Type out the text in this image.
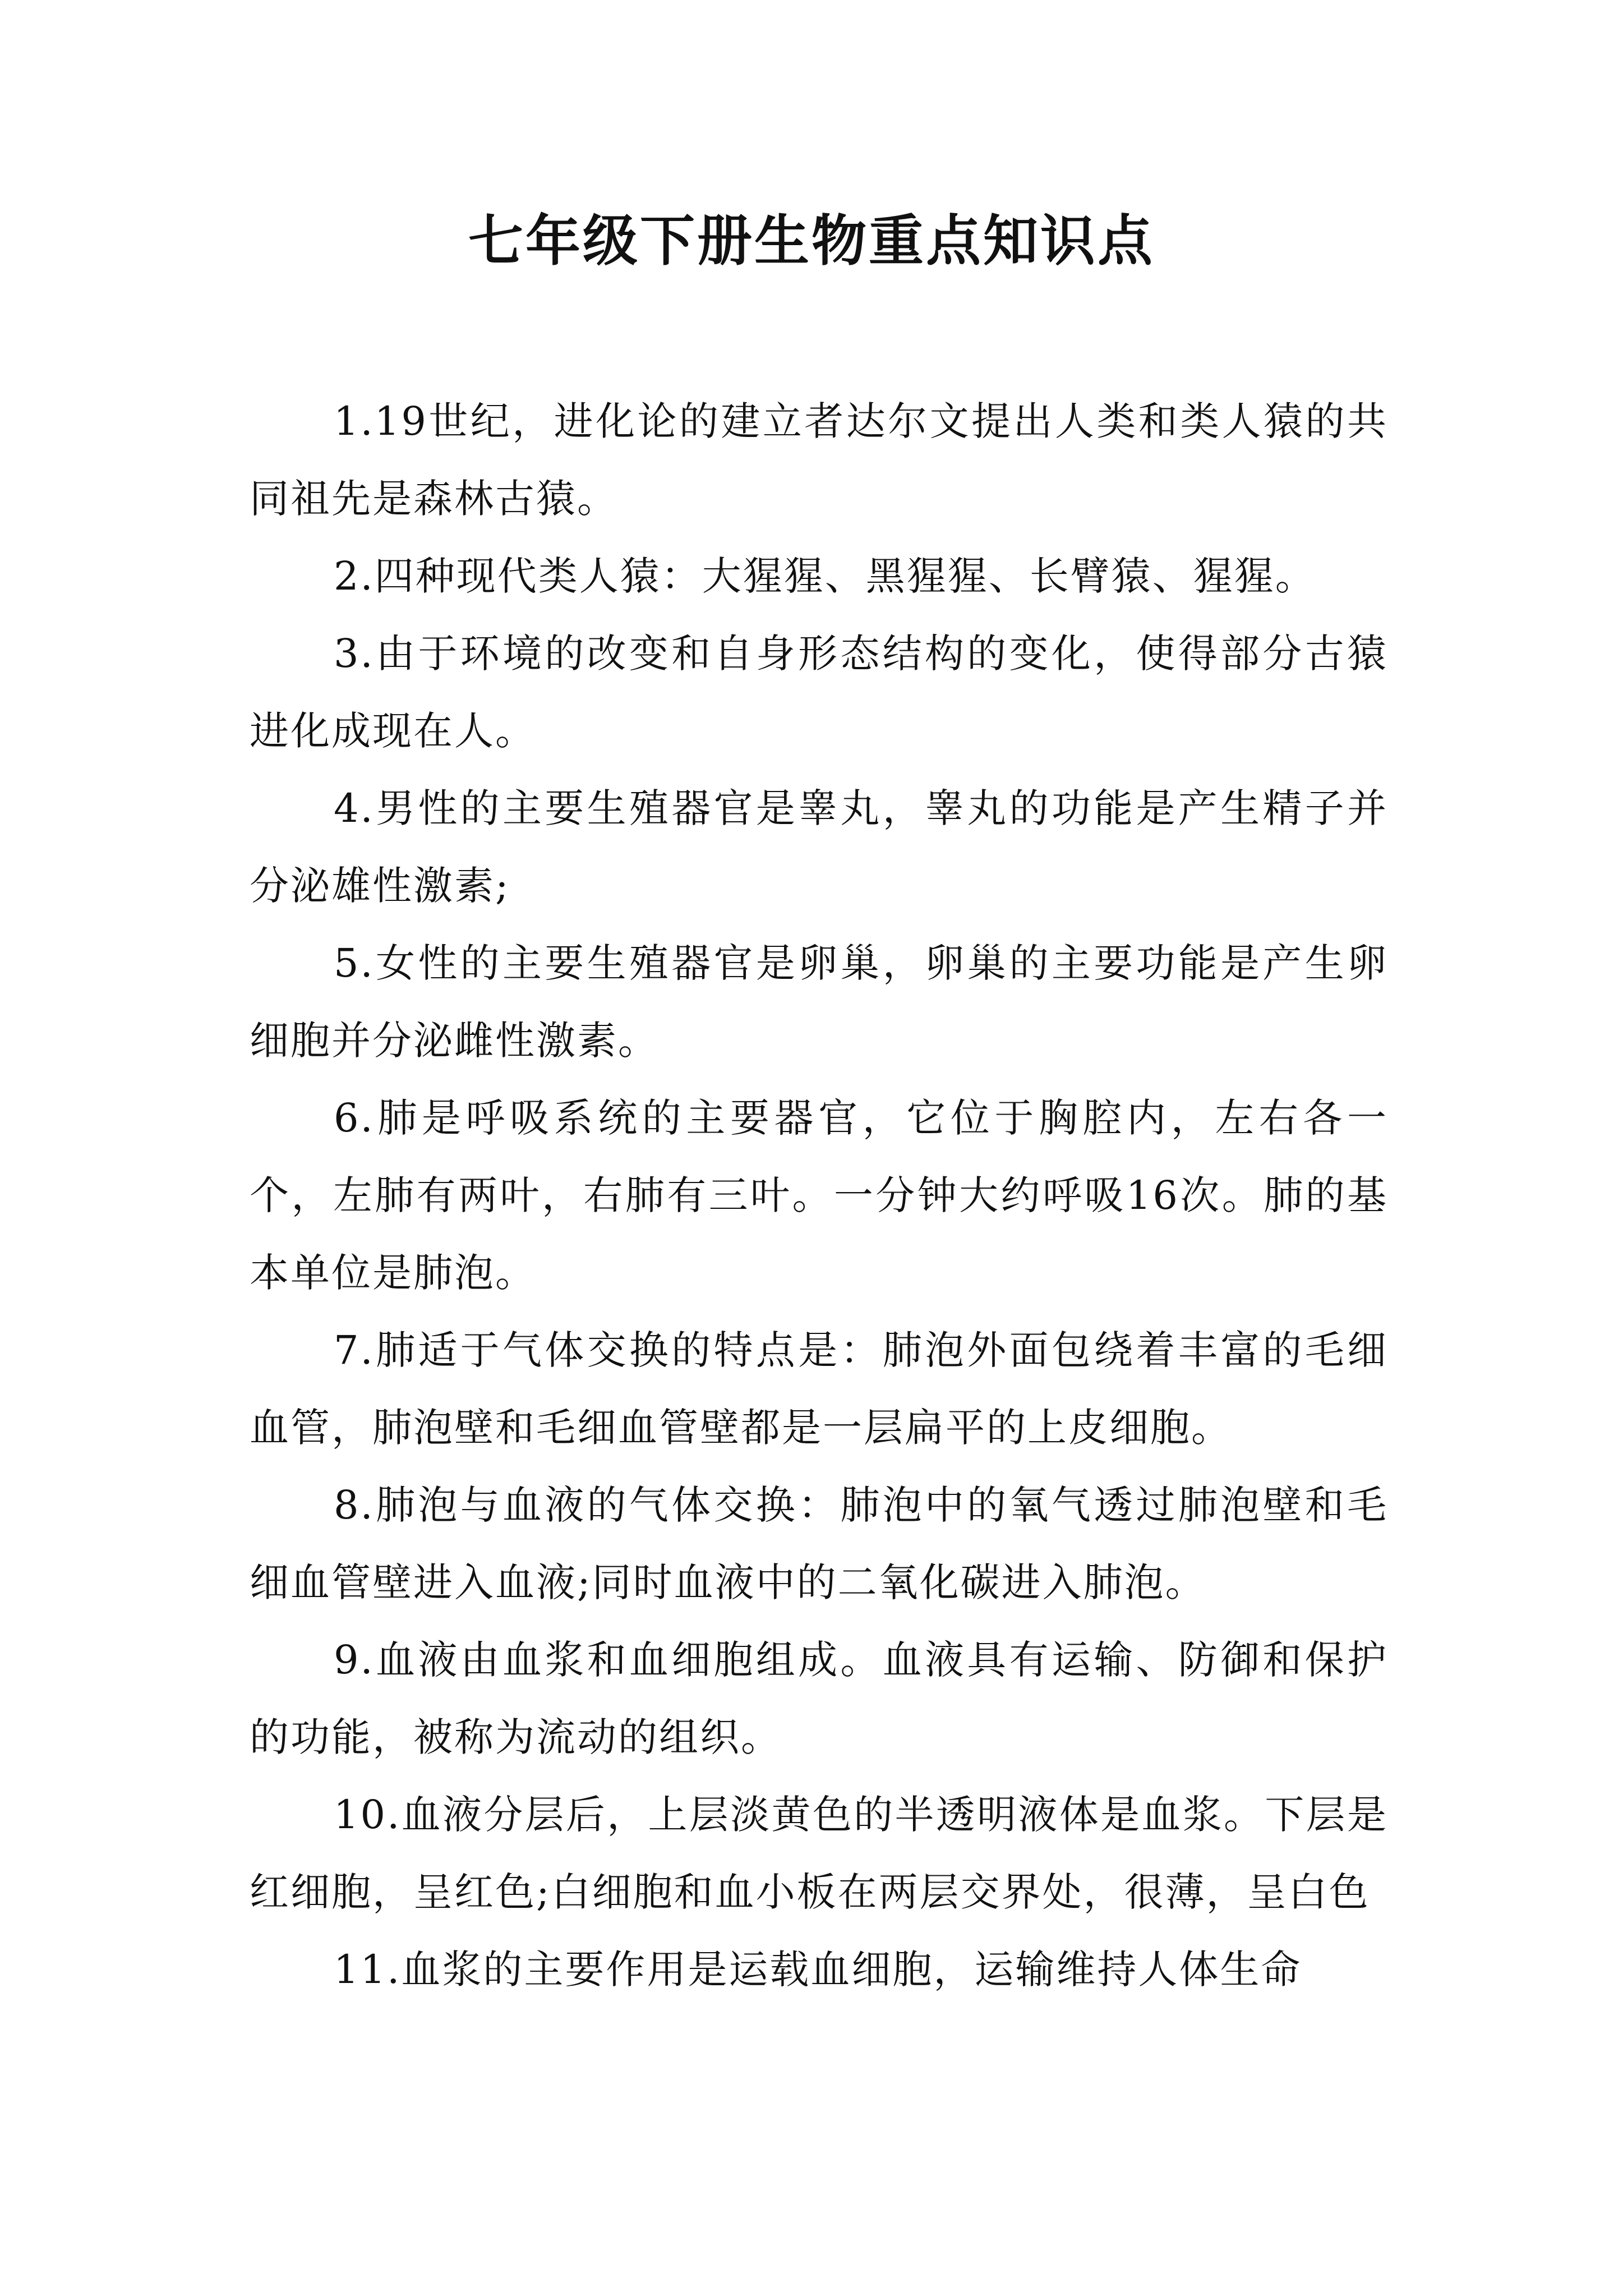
七年级下册生物重点知识点

1.19世纪，进化论的建立者达尔文提出人类和类人猿的共同祖先是森林古猿。

2.四种现代类人猿：大猩猩、黑猩猩、长臂猿、猩猩。

3.由于环境的改变和自身形态结构的变化，使得部分古猿进化成现在人。

4.男性的主要生殖器官是睾丸，睾丸的功能是产生精子并分泌雄性激素;

5.女性的主要生殖器官是卵巢，卵巢的主要功能是产生卵细胞并分泌雌性激素。

6.肺是呼吸系统的主要器官，它位于胸腔内，左右各一个，左肺有两叶，右肺有三叶。一分钟大约呼吸16次。肺的基本单位是肺泡。

7.肺适于气体交换的特点是：肺泡外面包绕着丰富的毛细血管，肺泡壁和毛细血管壁都是一层扁平的上皮细胞。

8.肺泡与血液的气体交换：肺泡中的氧气透过肺泡壁和毛细血管壁进入血液;同时血液中的二氧化碳进入肺泡。

9.血液由血浆和血细胞组成。血液具有运输、防御和保护的功能，被称为流动的组织。

10.血液分层后，上层淡黄色的半透明液体是血浆。下层是红细胞，呈红色;白细胞和血小板在两层交界处，很薄，呈白色

11.血浆的主要作用是运载血细胞，运输维持人体生命
